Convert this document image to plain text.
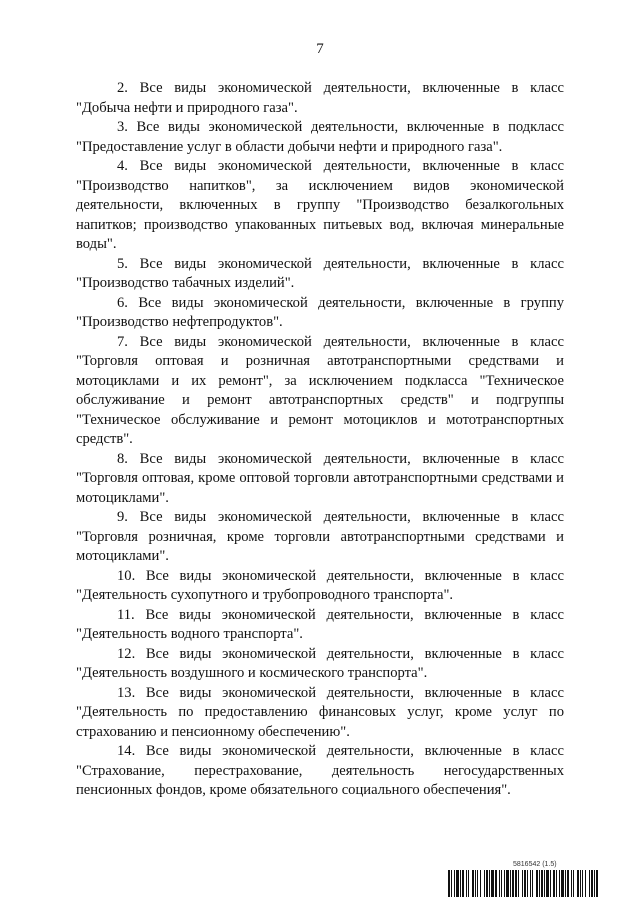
7

2. Все виды экономической деятельности, включенные в класс "Добыча нефти и природного газа".

3. Все виды экономической деятельности, включенные в подкласс "Предоставление услуг в области добычи нефти и природного газа".

4. Все виды экономической деятельности, включенные в класс "Производство напитков", за исключением видов экономической деятельности, включенных в группу "Производство безалкогольных напитков; производство упакованных питьевых вод, включая минеральные воды".

5. Все виды экономической деятельности, включенные в класс "Производство табачных изделий".

6. Все виды экономической деятельности, включенные в группу "Производство нефтепродуктов".

7. Все виды экономической деятельности, включенные в класс "Торговля оптовая и розничная автотранспортными средствами и мотоциклами и их ремонт", за исключением подкласса "Техническое обслуживание и ремонт автотранспортных средств" и подгруппы "Техническое обслуживание и ремонт мотоциклов и мототранспортных средств".

8. Все виды экономической деятельности, включенные в класс "Торговля оптовая, кроме оптовой торговли автотранспортными средствами и мотоциклами".

9. Все виды экономической деятельности, включенные в класс "Торговля розничная, кроме торговли автотранспортными средствами и мотоциклами".

10. Все виды экономической деятельности, включенные в класс "Деятельность сухопутного и трубопроводного транспорта".

11. Все виды экономической деятельности, включенные в класс "Деятельность водного транспорта".

12. Все виды экономической деятельности, включенные в класс "Деятельность воздушного и космического транспорта".

13. Все виды экономической деятельности, включенные в класс "Деятельность по предоставлению финансовых услуг, кроме услуг по страхованию и пенсионному обеспечению".

14. Все виды экономической деятельности, включенные в класс "Страхование, перестрахование, деятельность негосударственных пенсионных фондов, кроме обязательного социального обеспечения".

5816542 (1.5)
